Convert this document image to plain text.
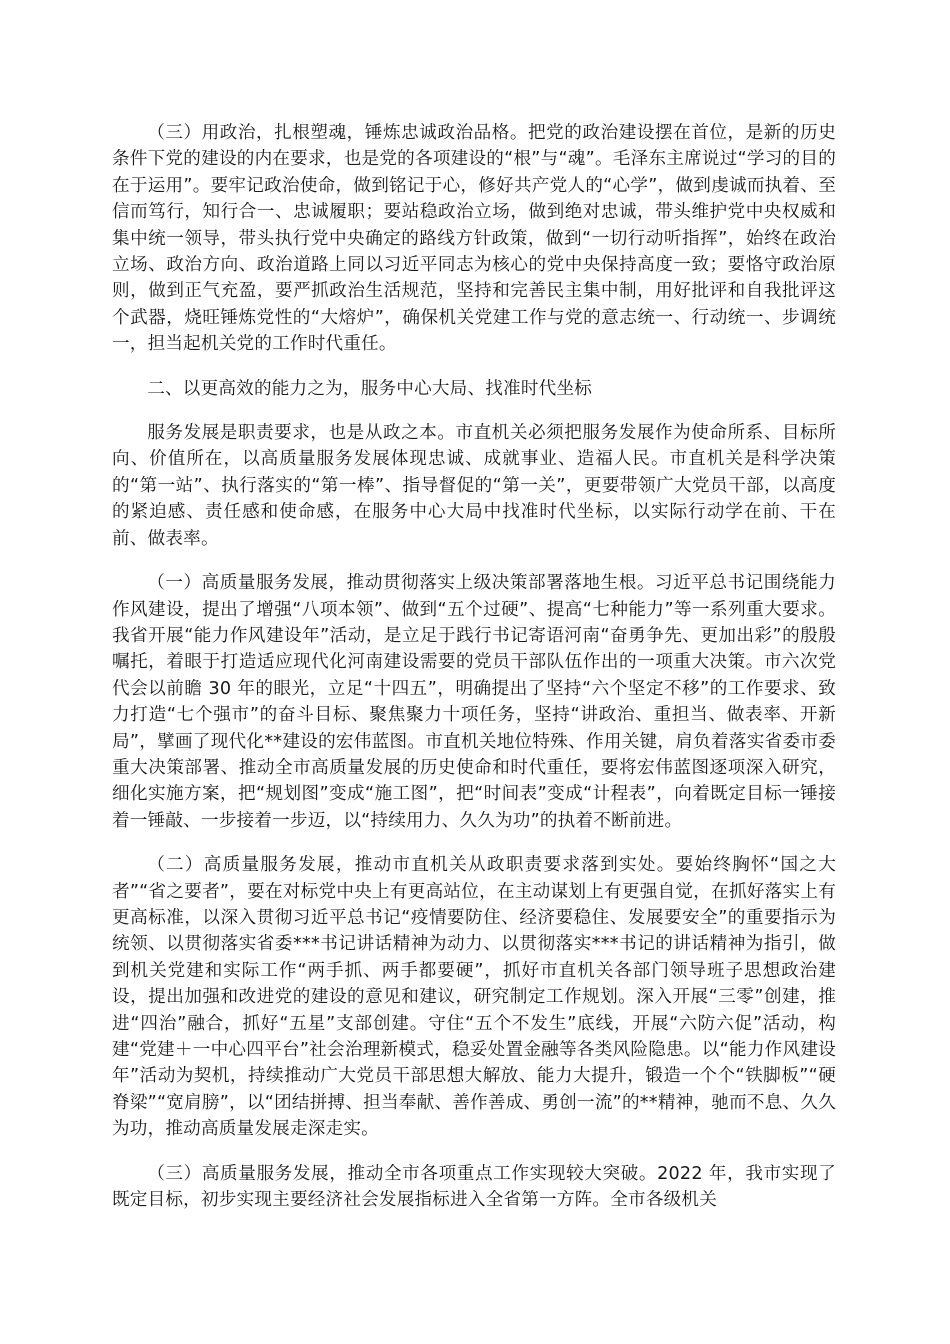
（三）用政治，扎根塑魂，锤炼忠诚政治品格。把党的政治建设摆在首位，是新的历史条件下党的建设的内在要求，也是党的各项建设的“根”与“魂”。毛泽东主席说过“学习的目的在于运用”。要牢记政治使命，做到铭记于心，修好共产党人的“心学”，做到虔诚而执着、至信而笃行，知行合一、忠诚履职；要站稳政治立场，做到绝对忠诚，带头维护党中央权威和集中统一领导，带头执行党中央确定的路线方针政策，做到“一切行动听指挥”，始终在政治立场、政治方向、政治道路上同以习近平同志为核心的党中央保持高度一致；要恪守政治原则，做到正气充盈，要严抓政治生活规范，坚持和完善民主集中制，用好批评和自我批评这个武器，烧旺锤炼党性的“大熔炉”，确保机关党建工作与党的意志统一、行动统一、步调统一，担当起机关党的工作时代重任。

二、以更高效的能力之为，服务中心大局、找准时代坐标

服务发展是职责要求，也是从政之本。市直机关必须把服务发展作为使命所系、目标所向、价值所在，以高质量服务发展体现忠诚、成就事业、造福人民。市直机关是科学决策的“第一站”、执行落实的“第一棒”、指导督促的“第一关”，更要带领广大党员干部，以高度的紧迫感、责任感和使命感，在服务中心大局中找准时代坐标，以实际行动学在前、干在前、做表率。

（一）高质量服务发展，推动贯彻落实上级决策部署落地生根。习近平总书记围绕能力作风建设，提出了增强“八项本领”、做到“五个过硬”、提高“七种能力”等一系列重大要求。我省开展“能力作风建设年”活动，是立足于践行书记寄语河南“奋勇争先、更加出彩”的殷殷嘱托，着眼于打造适应现代化河南建设需要的党员干部队伍作出的一项重大决策。市六次党代会以前瞻 30 年的眼光，立足“十四五”，明确提出了坚持“六个坚定不移”的工作要求、致力打造“七个强市”的奋斗目标、聚焦聚力十项任务，坚持“讲政治、重担当、做表率、开新局”，擘画了现代化**建设的宏伟蓝图。市直机关地位特殊、作用关键，肩负着落实省委市委重大决策部署、推动全市高质量发展的历史使命和时代重任，要将宏伟蓝图逐项深入研究，细化实施方案，把“规划图”变成“施工图”，把“时间表”变成“计程表”，向着既定目标一锤接着一锤敲、一步接着一步迈，以“持续用力、久久为功”的执着不断前进。

（二）高质量服务发展，推动市直机关从政职责要求落到实处。要始终胸怀“国之大者”“省之要者”，要在对标党中央上有更高站位，在主动谋划上有更强自觉，在抓好落实上有更高标准，以深入贯彻习近平总书记“疫情要防住、经济要稳住、发展要安全”的重要指示为统领、以贯彻落实省委***书记讲话精神为动力、以贯彻落实***书记的讲话精神为指引，做到机关党建和实际工作“两手抓、两手都要硬”，抓好市直机关各部门领导班子思想政治建设，提出加强和改进党的建设的意见和建议，研究制定工作规划。深入开展“三零”创建，推进“四治”融合，抓好“五星”支部创建。守住“五个不发生”底线，开展“六防六促”活动，构建“党建＋一中心四平台”社会治理新模式，稳妥处置金融等各类风险隐患。以“能力作风建设年”活动为契机，持续推动广大党员干部思想大解放、能力大提升，锻造一个个“铁脚板”“硬脊梁”“宽肩膀”，以“团结拼搏、担当奉献、善作善成、勇创一流”的**精神，驰而不息、久久为功，推动高质量发展走深走实。

（三）高质量服务发展，推动全市各项重点工作实现较大突破。2022 年，我市实现了既定目标，初步实现主要经济社会发展指标进入全省第一方阵。全市各级机关
